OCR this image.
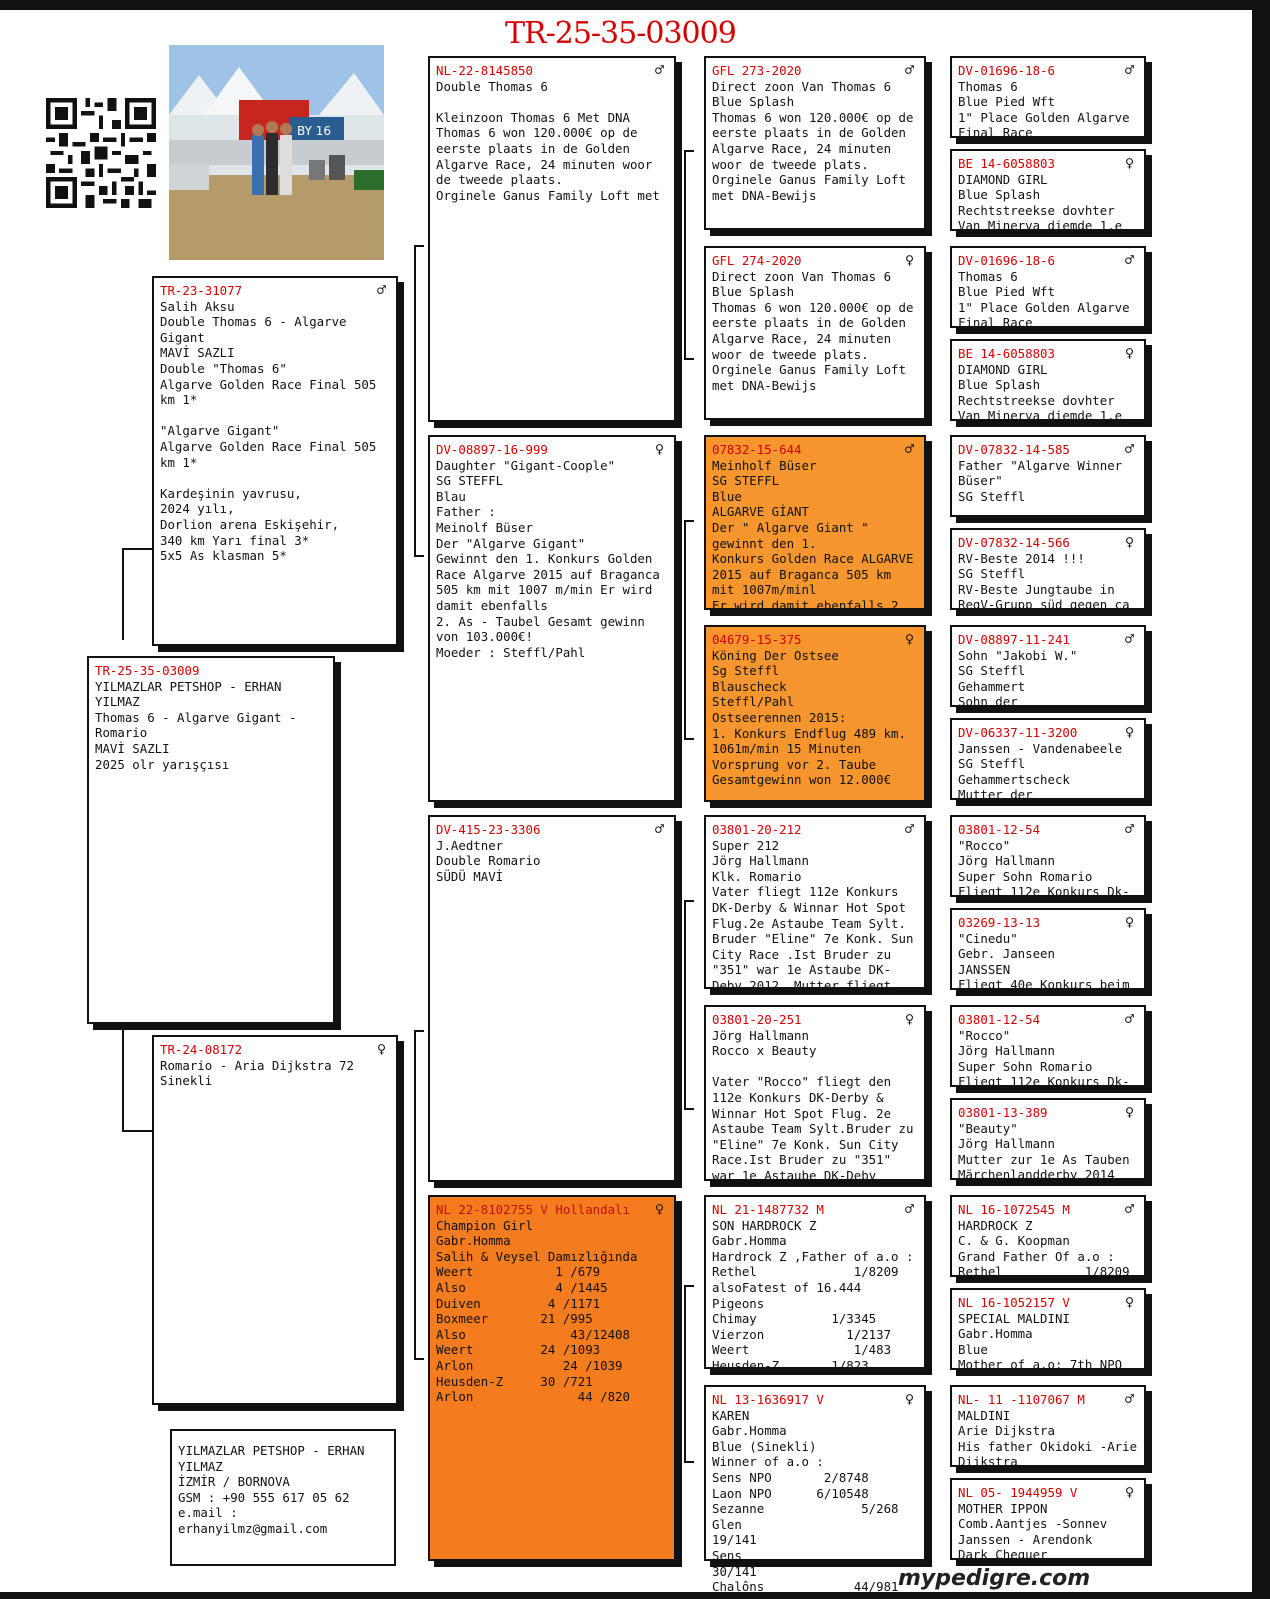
TR-25-35-03009
BY 16
TR-25-35-03009
YILMAZLAR PETSHOP - ERHAN
YILMAZ
Thomas 6 - Algarve Gigant -
Romario
MAVİ SAZLI
2025 olr yarışçısı
TR-23-31077	♂
Salih Aksu
Double Thomas 6 - Algarve
Gigant
MAVİ SAZLI
Double "Thomas 6"
Algarve Golden Race Final 505
km 1*

"Algarve Gigant"
Algarve Golden Race Final 505
km 1*

Kardeşinin yavrusu,
2024 yılı,
Dorlion arena Eskişehir,
340 km Yarı final 3*
5x5 As klasman 5*
TR-24-08172	♀
Romario - Aria Dijkstra 72
Sinekli
YILMAZLAR PETSHOP - ERHAN
YILMAZ
İZMİR / BORNOVA
GSM : +90 555 617 05 62
e.mail :
erhanyilmz@gmail.com
NL-22-8145850	♂
Double Thomas 6

Kleinzoon Thomas 6 Met DNA
Thomas 6 won 120.000€ op de
eerste plaats in de Golden
Algarve Race, 24 minuten woor
de tweede plaats.
Orginele Ganus Family Loft met
DV-08897-16-999	♀
Daughter "Gigant-Coople"
SG STEFFL
Blau
Father :
Meinolf Büser
Der "Algarve Gigant"
Gewinnt den 1. Konkurs Golden
Race Algarve 2015 auf Braganca
505 km mit 1007 m/min Er wird
damit ebenfalls
2. As - Taubel Gesamt gewinn
von 103.000€!
Moeder : Steffl/Pahl
DV-415-23-3306	♂
J.Aedtner
Double Romario
SÜDÜ MAVİ
NL 22-8102755 V Hollandalı	♀
Champion Girl
Gabr.Homma
Salih & Veysel Damızlığında
Weert           1 /679
Also            4 /1445
Duiven         4 /1171
Boxmeer       21 /995
Also              43/12408
Weert         24 /1093
Arlon            24 /1039
Heusden-Z     30 /721
Arlon              44 /820
GFL 273-2020	♂
Direct zoon Van Thomas 6
Blue Splash
Thomas 6 won 120.000€ op de
eerste plaats in de Golden
Algarve Race, 24 minuten
woor de tweede plats.
Orginele Ganus Family Loft
met DNA-Bewijs
GFL 274-2020	♀
Direct zoon Van Thomas 6
Blue Splash
Thomas 6 won 120.000€ op de
eerste plaats in de Golden
Algarve Race, 24 minuten
woor de tweede plats.
Orginele Ganus Family Loft
met DNA-Bewijs
07832-15-644	♂
Meinholf Büser
SG STEFFL
Blue
ALGARVE GİANT
Der " Algarve Giant "
gewinnt den 1.
Konkurs Golden Race ALGARVE
2015 auf Braganca 505 km
mit 1007m/minl
Er wird damit ebenfalls 2
04679-15-375	♀
Köning Der Ostsee
Sg Steffl
Blauscheck
Steffl/Pahl
Ostseerennen 2015:
1. Konkurs Endflug 489 km.
1061m/min 15 Minuten
Vorsprung vor 2. Taube
Gesamtgewinn won 12.000€
03801-20-212	♂
Super 212
Jörg Hallmann
Klk. Romario
Vater fliegt 112e Konkurs
DK-Derby & Winnar Hot Spot
Flug.2e Astaube Team Sylt.
Bruder "Eline" 7e Konk. Sun
City Race .Ist Bruder zu
"351" war 1e Astaube DK-
Deby 2012. Mutter fliegt
03801-20-251	♀
Jörg Hallmann
Rocco x Beauty

Vater "Rocco" fliegt den
112e Konkurs DK-Derby &
Winnar Hot Spot Flug. 2e
Astaube Team Sylt.Bruder zu
"Eline" 7e Konk. Sun City
Race.Ist Bruder zu "351"
war 1e Astaube DK-Deby
NL 21-1487732 M	♂
SON HARDROCK Z
Gabr.Homma
Hardrock Z ,Father of a.o :
Rethel             1/8209
alsoFatest of 16.444
Pigeons
Chimay          1/3345
Vierzon           1/2137
Weert              1/483
Heusden-Z       1/823
NL 13-1636917 V	♀
KAREN
Gabr.Homma
Blue (Sinekli)
Winner of a.o :
Sens NPO       2/8748
Laon NPO      6/10548
Sezanne             5/268
Glen                   19/141
Sens                  30/141
Chalôns            44/981
DV-01696-18-6	♂
Thomas 6
Blue Pied Wft
1" Place Golden Algarve
Final Race
BE 14-6058803	♀
DIAMOND GIRL
Blue Splash
Rechtstreekse dovhter
Van Minerva diemde 1.e
DV-01696-18-6	♂
Thomas 6
Blue Pied Wft
1" Place Golden Algarve
Final Race
BE 14-6058803	♀
DIAMOND GIRL
Blue Splash
Rechtstreekse dovhter
Van Minerva diemde 1.e
DV-07832-14-585	♂
Father "Algarve Winner
Büser"
SG Steffl
DV-07832-14-566	♀
RV-Beste 2014 !!!
SG Steffl
RV-Beste Jungtaube in
RegV-Grupp süd gegen ca
DV-08897-11-241	♂
Sohn "Jakobi W."
SG Steffl
Gehammert
Sohn der
DV-06337-11-3200	♀
Janssen - Vandenabeele
SG Steffl
Gehammertscheck
Mutter der
03801-12-54	♂
"Rocco"
Jörg Hallmann
Super Sohn Romario
Fliegt 112e Konkurs Dk-
03269-13-13	♀
"Cinedu"
Gebr. Janseen
JANSSEN
Fliegt 40e Konkurs beim
03801-12-54	♂
"Rocco"
Jörg Hallmann
Super Sohn Romario
Fliegt 112e Konkurs Dk-
03801-13-389	♀
"Beauty"
Jörg Hallmann
Mutter zur 1e As Tauben
Märchenlandderby 2014
NL 16-1072545 M	♂
HARDROCK Z
C. & G. Koopman
Grand Father Of a.o :
Rethel           1/8209
NL 16-1052157 V	♀
SPECIAL MALDINI
Gabr.Homma
Blue
Mother of a.o: 7th NPO
NL- 11 -1107067 M	♂
MALDINI
Arie Dijkstra
His father Okidoki -Arie
Dijkstra
NL 05- 1944959 V	♀
MOTHER IPPON
Comb.Aantjes -Sonnev
Janssen - Arendonk
Dark Chequer
mypedigre.com
